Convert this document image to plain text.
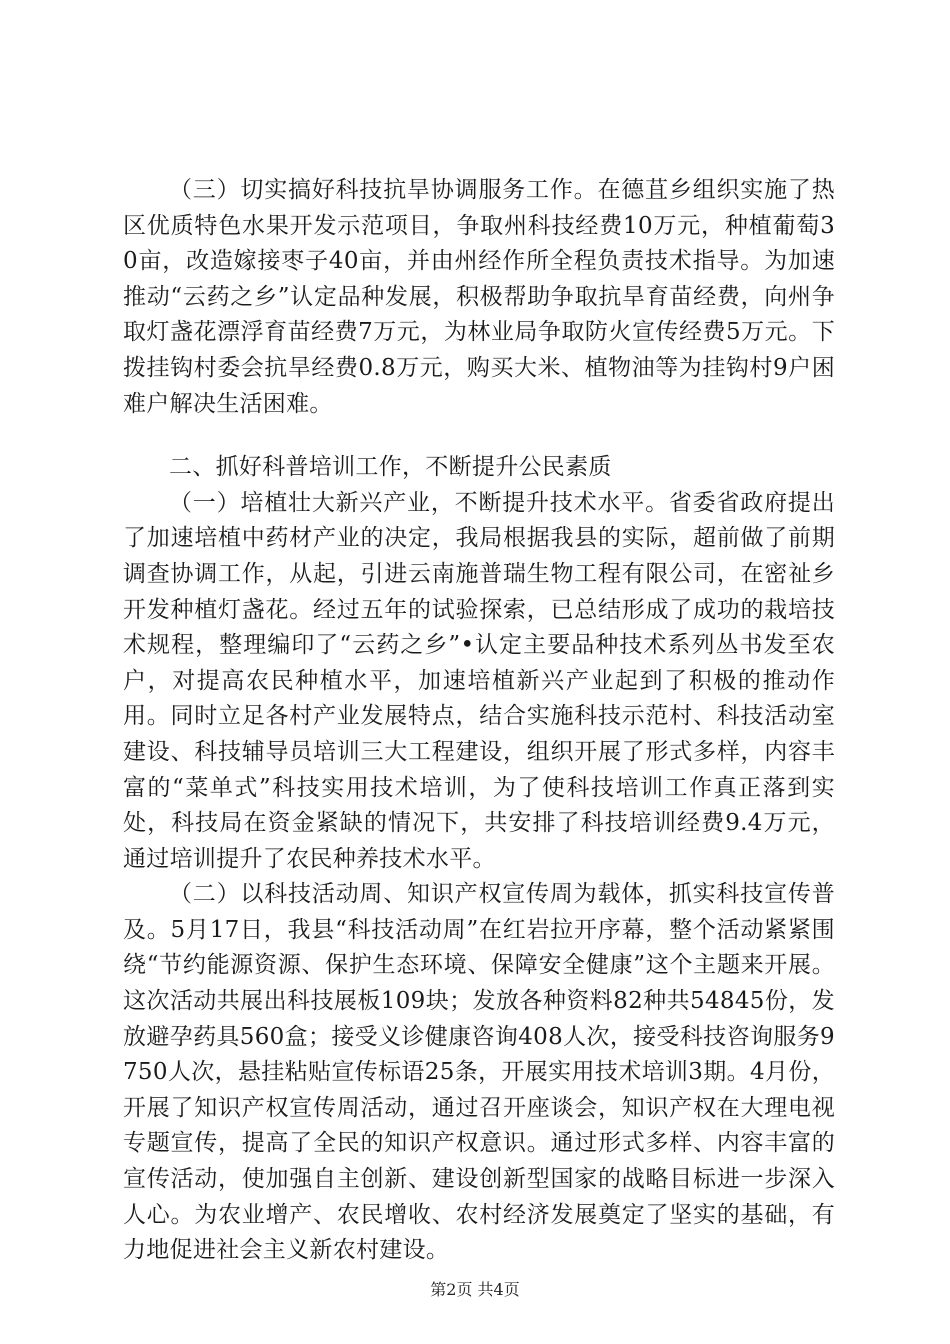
（三）切实搞好科技抗旱协调服务工作。在德苴乡组织实施了热区优质特色水果开发示范项目，争取州科技经费10万元，种植葡萄30亩，改造嫁接枣子40亩，并由州经作所全程负责技术指导。为加速推动“云药之乡”认定品种发展，积极帮助争取抗旱育苗经费，向州争取灯盏花漂浮育苗经费7万元，为林业局争取防火宣传经费5万元。下拨挂钩村委会抗旱经费0.8万元，购买大米、植物油等为挂钩村9户困难户解决生活困难。

二、抓好科普培训工作，不断提升公民素质

（一）培植壮大新兴产业，不断提升技术水平。省委省政府提出了加速培植中药材产业的决定，我局根据我县的实际，超前做了前期调查协调工作，从起，引进云南施普瑞生物工程有限公司，在密祉乡开发种植灯盏花。经过五年的试验探索，已总结形成了成功的栽培技术规程，整理编印了“云药之乡”•认定主要品种技术系列丛书发至农户，对提高农民种植水平，加速培植新兴产业起到了积极的推动作用。同时立足各村产业发展特点，结合实施科技示范村、科技活动室建设、科技辅导员培训三大工程建设，组织开展了形式多样，内容丰富的“菜单式”科技实用技术培训，为了使科技培训工作真正落到实处，科技局在资金紧缺的情况下，共安排了科技培训经费9.4万元，通过培训提升了农民种养技术水平。

（二）以科技活动周、知识产权宣传周为载体，抓实科技宣传普及。5月17日，我县“科技活动周”在红岩拉开序幕，整个活动紧紧围绕“节约能源资源、保护生态环境、保障安全健康”这个主题来开展。这次活动共展出科技展板109块；发放各种资料82种共54845份，发放避孕药具560盒；接受义诊健康咨询408人次，接受科技咨询服务9750人次，悬挂粘贴宣传标语25条，开展实用技术培训3期。4月份，开展了知识产权宣传周活动，通过召开座谈会，知识产权在大理电视专题宣传，提高了全民的知识产权意识。通过形式多样、内容丰富的宣传活动，使加强自主创新、建设创新型国家的战略目标进一步深入人心。为农业增产、农民增收、农村经济发展奠定了坚实的基础，有力地促进社会主义新农村建设。

第2页 共4页
